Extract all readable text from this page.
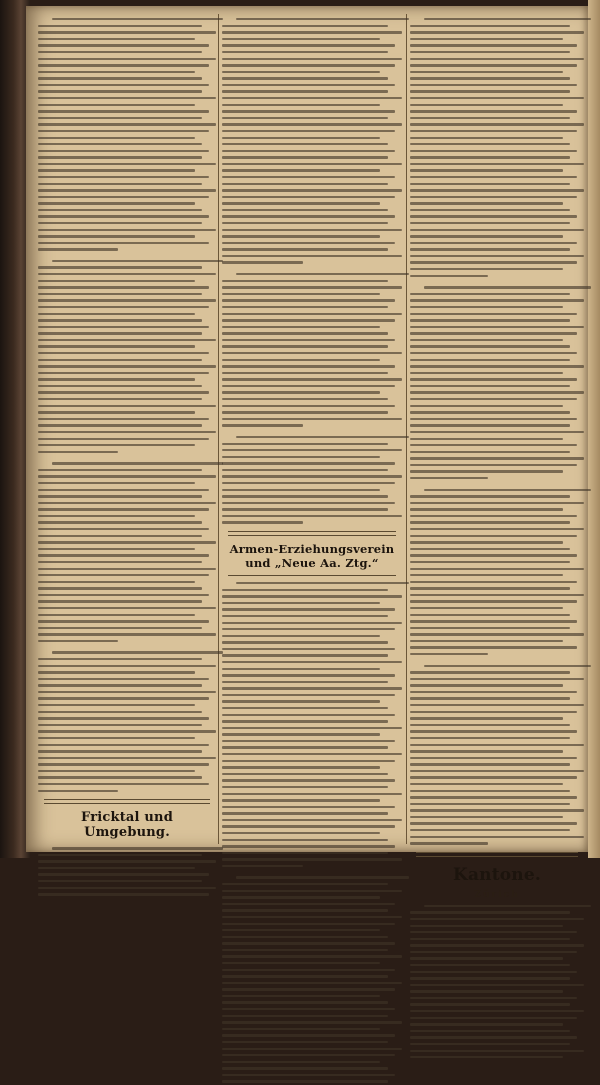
Fricktal und Umgebung.
Armen-Erziehungsverein und „Neue Aa. Ztg.“
Kantone.
Zürich
